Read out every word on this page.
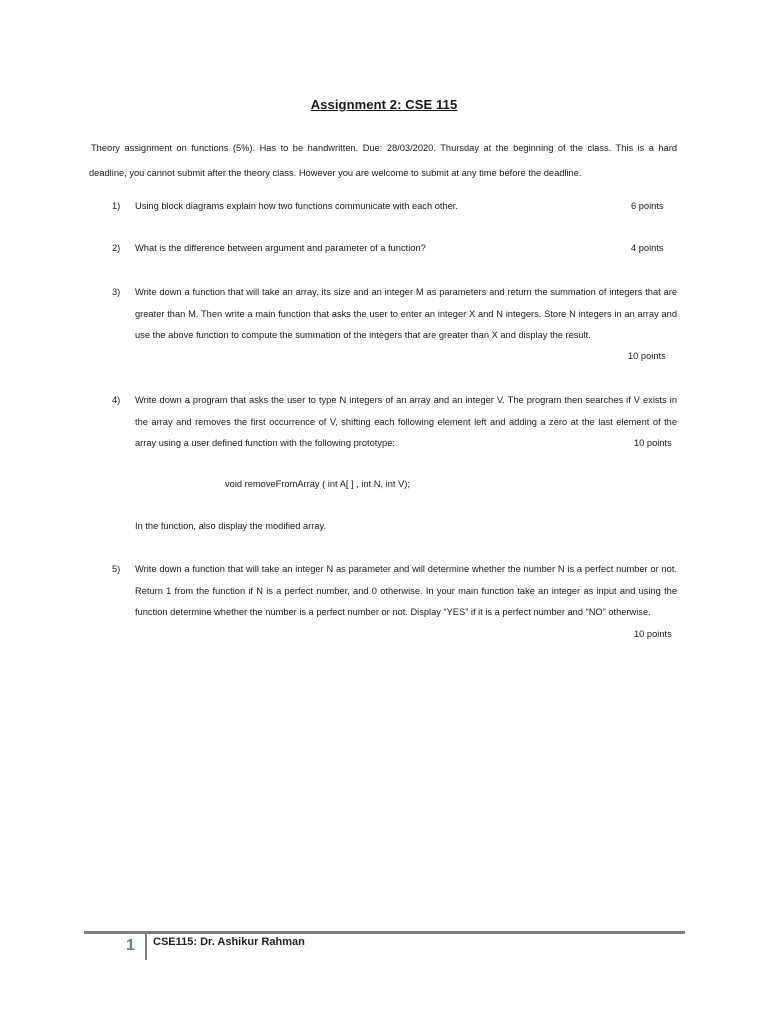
Assignment 2: CSE 115
Theory assignment on functions (5%). Has to be handwritten. Due: 28/03/2020. Thursday at the beginning of the class. This is a hard deadline, you cannot submit after the theory class. However you are welcome to submit at any time before the deadline.
1) Using block diagrams explain how two functions communicate with each other.	6 points
2) What is the difference between argument and parameter of a function?	4 points
3) Write down a function that will take an array, its size and an integer M as parameters and return the summation of integers that are greater than M. Then write a main function that asks the user to enter an integer X and N integers. Store N integers in an array and use the above function to compute the summation of the integers that are greater than X and display the result.
10 points
4) Write down a program that asks the user to type N integers of an array and an integer V. The program then searches if V exists in the array and removes the first occurrence of V, shifting each following element left and adding a zero at the last element of the array using a user defined function with the following prototype:	10 points
void removeFromArray ( int A[ ] , int N, int V);
In the function, also display the modified array.
5) Write down a function that will take an integer N as parameter and will determine whether the number N is a perfect number or not. Return 1 from the function if N is a perfect number, and 0 otherwise. In your main function take an integer as input and using the function determine whether the number is a perfect number or not. Display “YES” if it is a perfect number and “NO” otherwise.
10 points
1 CSE115: Dr. Ashikur Rahman
